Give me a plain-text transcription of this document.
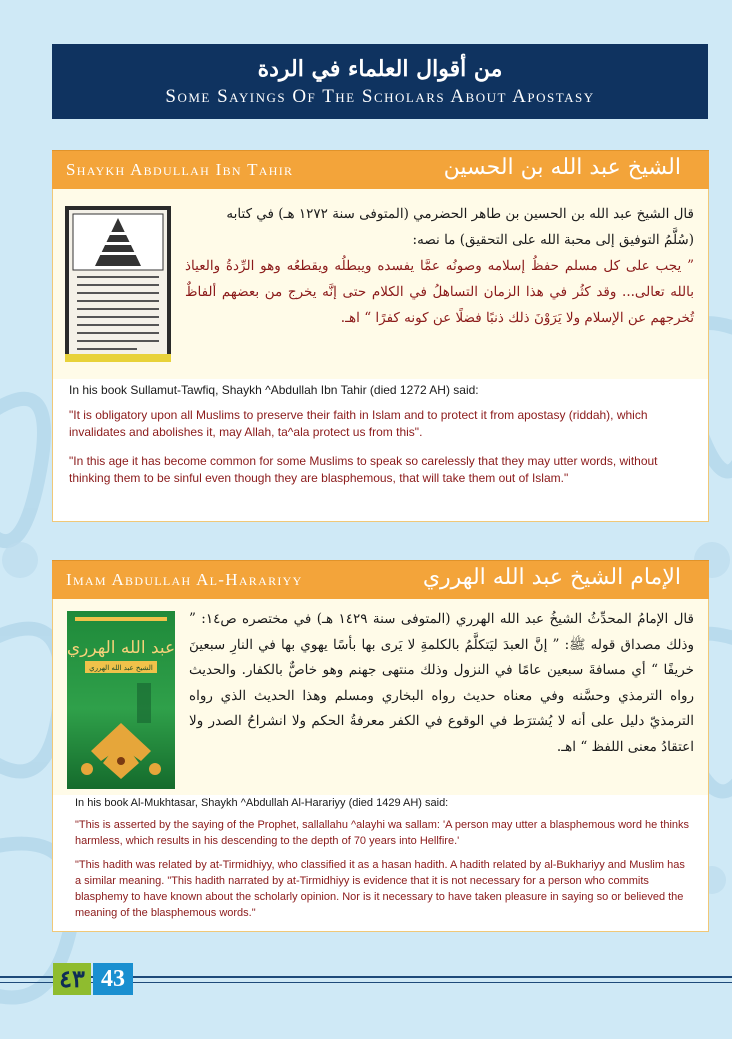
من أقوال العلماء في الردة
Some Sayings Of The Scholars About Apostasy
Shaykh Abdullah Ibn Tahir	الشيخ عبد الله بن الحسين
قال الشيخ عبد الله بن الحسين بن طاهر الحضرمي (المتوفى سنة ١٢٧٢ هـ) في كتابه
(سُلَّمُ التوفيق إلى محبة الله على التحقيق) ما نصه:
” يجب على كل مسلم حفظُ إسلامه وصونُه عمَّا يفسده ويبطلُه ويقطعُه وهو الرِّدةُ والعياذ بالله تعالى... وقد كثُر في هذا الزمان التساهلُ في الكلام حتى إنَّه يخرج من بعضهم ألفاظٌ تُخرجهم عن الإسلام ولا يَرَوْنَ ذلك ذنبًا فضلًا عن كونه كفرًا “ اهـ.
In his book Sullamut-Tawfiq, Shaykh ^Abdullah Ibn Tahir (died 1272 AH) said:
"It is obligatory upon all Muslims to preserve their faith in Islam and to protect it from apostasy (riddah), which invalidates and abolishes it, may Allah, ta^ala protect us from this".
"In this age it has become common for some Muslims to speak so carelessly that they may utter words, without thinking them to be sinful even though they are blasphemous, that will take them out of Islam."
Imam Abdullah Al-Harariyy	الإمام الشيخ عبد الله الهرري
عبد الله الهرري
الشيخ عبد الله الهرري
قال الإمامُ المحدِّثُ الشيخُ عبد الله الهرري (المتوفى سنة ١٤٢٩ هـ) في مختصره ص١٤: ” وذلك مصداق قوله ﷺ: ” إنَّ العبدَ ليَتكلَّمُ بالكلمةِ لا يَرى بها بأسًا يهوي بها في النارِ سبعينَ خريفًا “ أي مسافةَ سبعين عامًا في النزول وذلك منتهى جهنم وهو خاصٌّ بالكفار. والحديث رواه الترمذي وحسَّنه وفي معناه حديث رواه البخاري ومسلم وهذا الحديث الذي رواه الترمذيّ دليل على أنه لا يُشترَط في الوقوع في الكفر معرفةُ الحكم ولا انشراحُ الصدر ولا اعتقادُ معنى اللفظ “ اهـ.
In his book Al-Mukhtasar, Shaykh ^Abdullah Al-Harariyy (died 1429 AH) said:
"This is asserted by the saying of the Prophet, sallallahu ^alayhi wa sallam: 'A person may utter a blasphemous word he thinks harmless, which results in his descending to the depth of 70 years into Hellfire.'
"This hadith was related by at-Tirmidhiyy, who classified it as a hasan hadith. A hadith related by al-Bukhariyy and Muslim has a similar meaning. "This hadith narrated by at-Tirmidhiyy is evidence that it is not necessary for a person who commits blasphemy to have known about the scholarly opinion. Nor is it necessary to have taken pleasure in saying so or believed the meaning of the blasphemous words."
٤٣ 43
